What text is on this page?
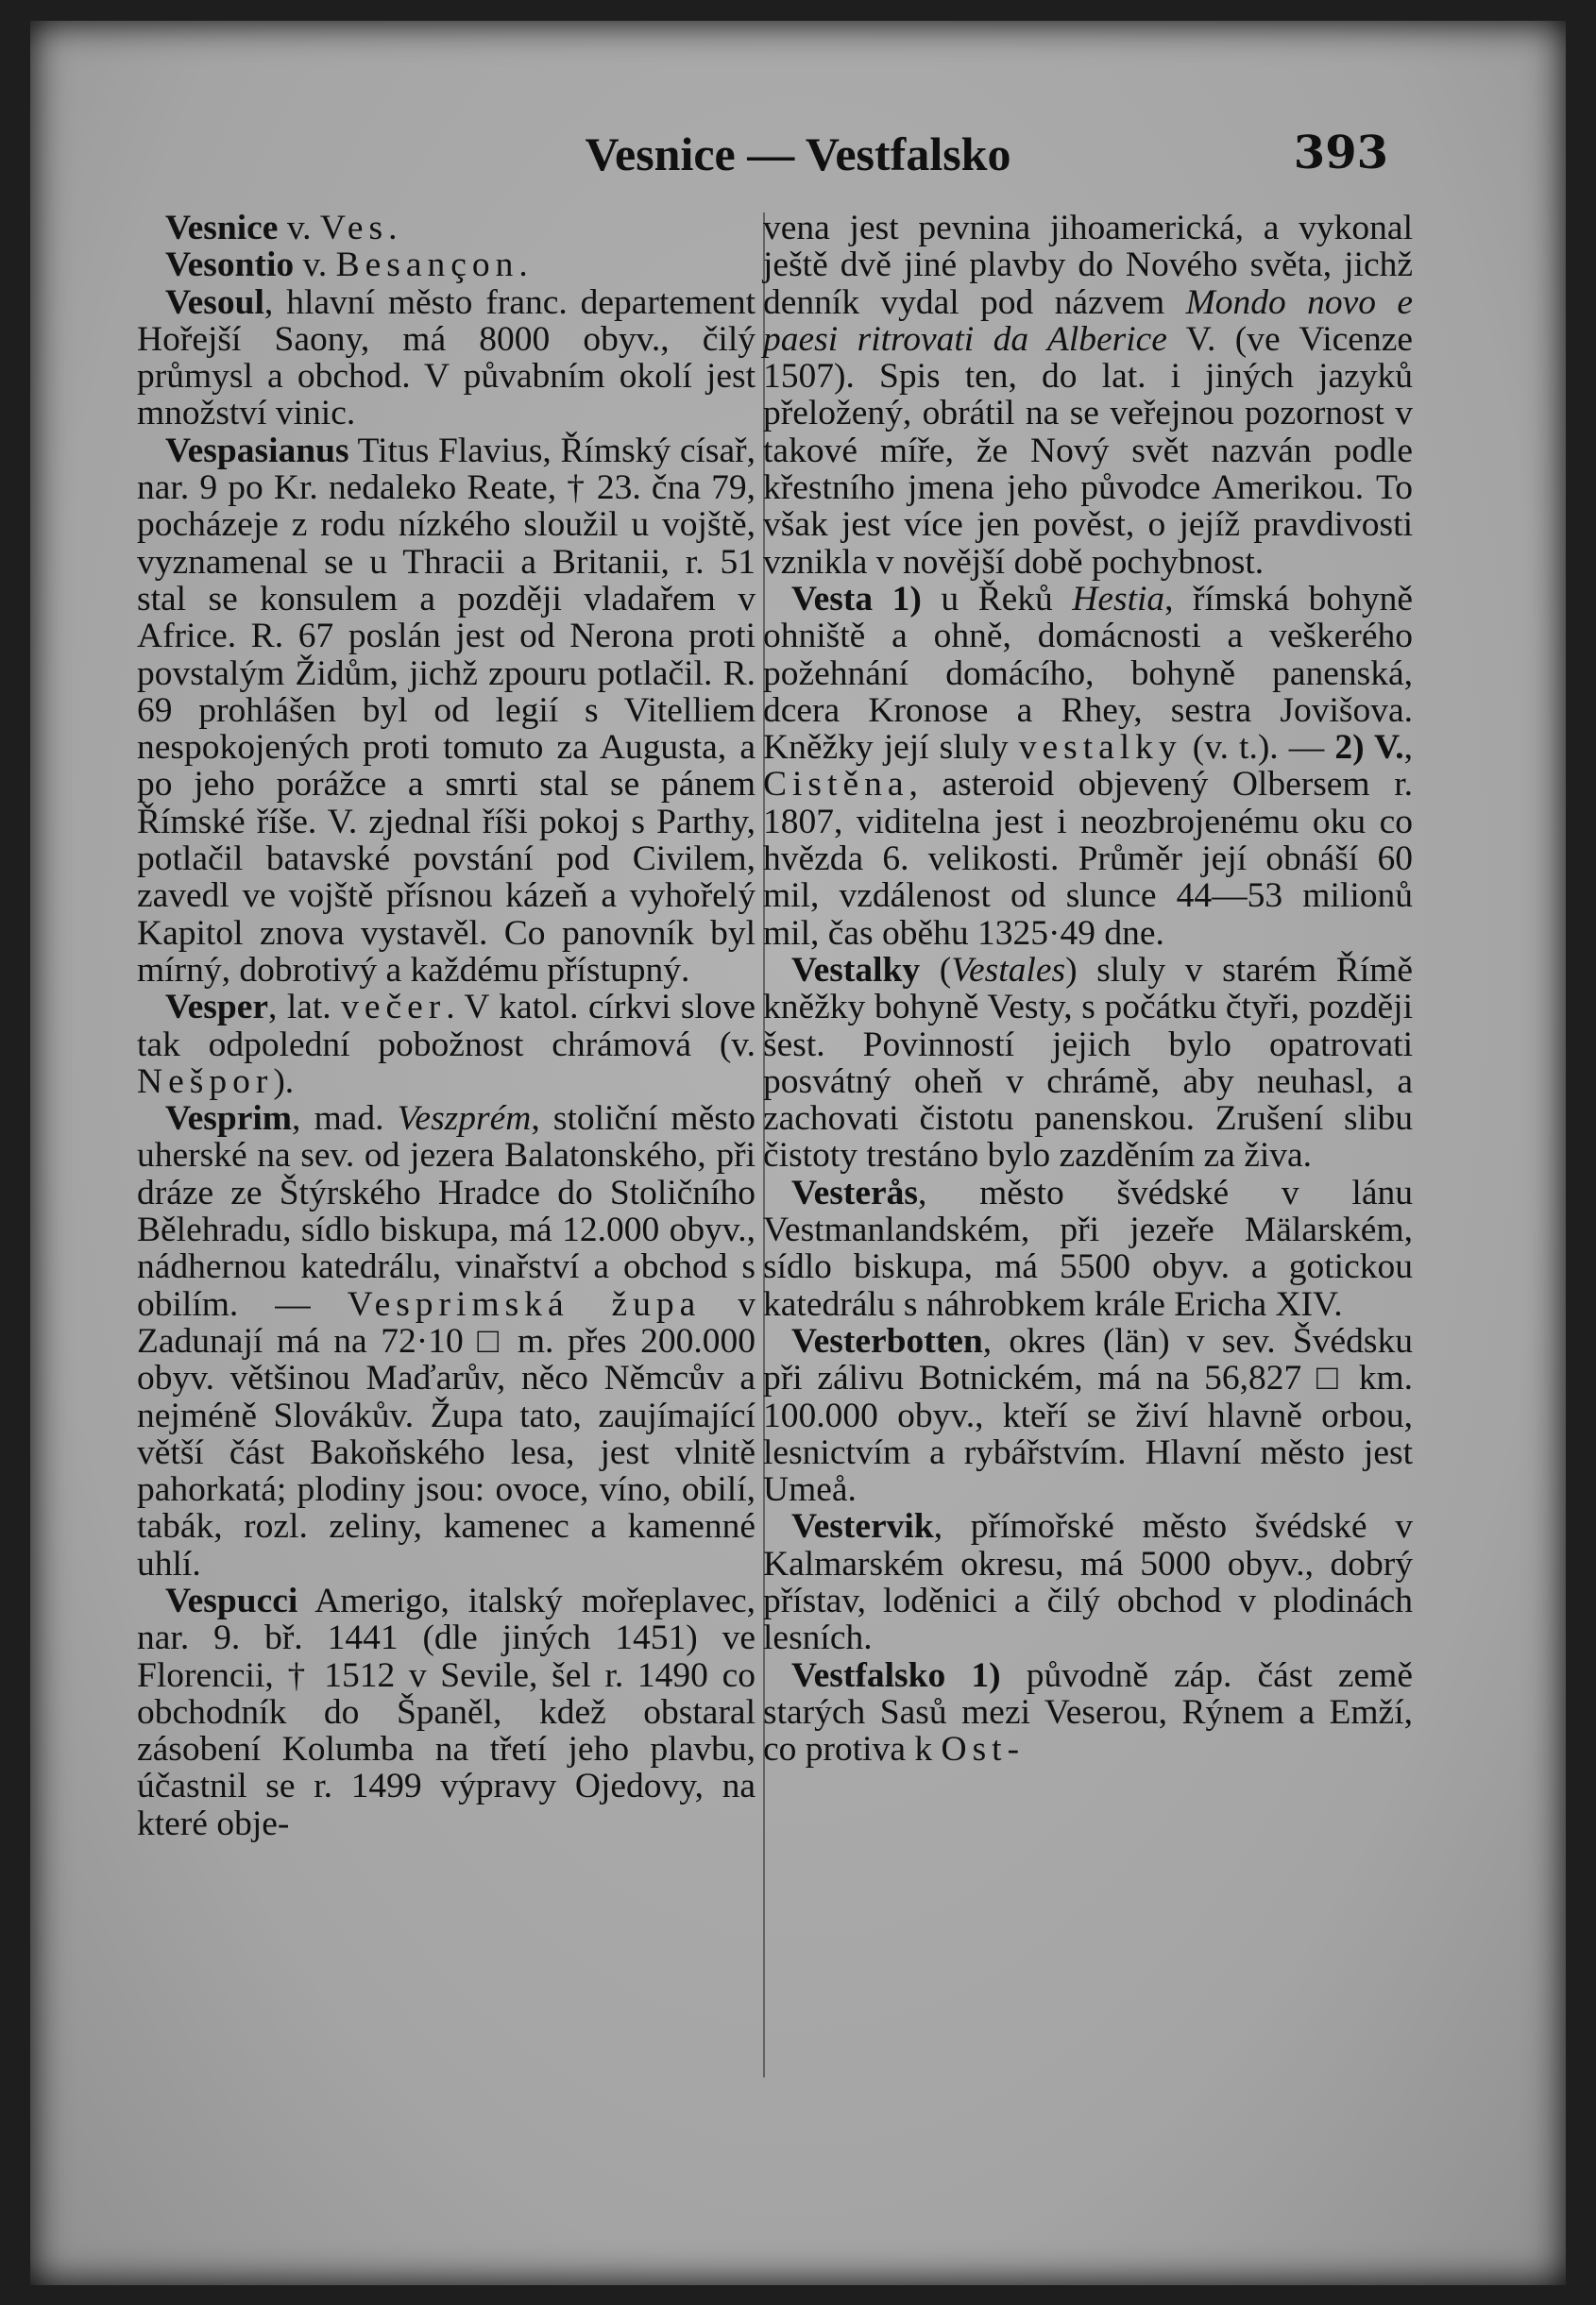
Vesnice — Vestfalsko	393

Vesnice v. Ves.

Vesontio v. Besançon.

Vesoul, hlavní město franc. departement Hořejší Saony, má 8000 obyv., čilý průmysl a obchod. V půvabním okolí jest množství vinic.

Vespasianus Titus Flavius, Římský císař, nar. 9 po Kr. nedaleko Reate, † 23. čna 79, pocházeje z rodu nízkého sloužil u vojště, vyznamenal se u Thracii a Britanii, r. 51 stal se konsulem a později vladařem v Africe. R. 67 poslán jest od Nerona proti povstalým Židům, jichž zpouru potlačil. R. 69 prohlášen byl od legií s Vitelliem nespokojených proti tomuto za Augusta, a po jeho porážce a smrti stal se pánem Římské říše. V. zjednal říši pokoj s Parthy, potlačil batavské povstání pod Civilem, zavedl ve vojště přísnou kázeň a vyhořelý Kapitol znova vystavěl. Co panovník byl mírný, dobrotivý a každému přístupný.

Vesper, lat. večer. V katol. církvi slove tak odpolední pobožnost chrámová (v. Nešpor).

Vesprim, mad. Veszprém, stoliční město uherské na sev. od jezera Balatonského, při dráze ze Štýrského Hradce do Stoličního Bělehradu, sídlo biskupa, má 12.000 obyv., nádhernou katedrálu, vinařství a obchod s obilím. — Vesprimská župa v Zadunají má na 72·10 □ m. přes 200.000 obyv. většinou Maďarův, něco Němcův a nejméně Slovákův. Župa tato, zaujímající větší část Bakoňského lesa, jest vlnitě pahorkatá; plodiny jsou: ovoce, víno, obilí, tabák, rozl. zeliny, kamenec a kamenné uhlí.

Vespucci Amerigo, italský mořeplavec, nar. 9. bř. 1441 (dle jiných 1451) ve Florencii, † 1512 v Sevile, šel r. 1490 co obchodník do Španěl, kdež obstaral zásobení Kolumba na třetí jeho plavbu, účastnil se r. 1499 výpravy Ojedovy, na které obje-

vena jest pevnina jihoamerická, a vykonal ještě dvě jiné plavby do Nového světa, jichž denník vydal pod názvem Mondo novo e paesi ritrovati da Alberice V. (ve Vicenze 1507). Spis ten, do lat. i jiných jazyků přeložený, obrátil na se veřejnou pozornost v takové míře, že Nový svět nazván podle křestního jmena jeho původce Amerikou. To však jest více jen pověst, o jejíž pravdivosti vznikla v novější době pochybnost.

Vesta 1) u Řeků Hestia, římská bohyně ohniště a ohně, domácnosti a veškerého požehnání domácího, bohyně panenská, dcera Kronose a Rhey, sestra Jovišova. Kněžky její sluly vestalky (v. t.). — 2) V., Cistěna, asteroid objevený Olbersem r. 1807, viditelna jest i neozbrojenému oku co hvězda 6. velikosti. Průměr její obnáší 60 mil, vzdálenost od slunce 44—53 milionů mil, čas oběhu 1325·49 dne.

Vestalky (Vestales) sluly v starém Římě kněžky bohyně Vesty, s počátku čtyři, později šest. Povinností jejich bylo opatrovati posvátný oheň v chrámě, aby neuhasl, a zachovati čistotu panenskou. Zrušení slibu čistoty trestáno bylo zazděním za živa.

Vesterås, město švédské v lánu Vestmanlandském, při jezeře Mälarském, sídlo biskupa, má 5500 obyv. a gotickou katedrálu s náhrobkem krále Ericha XIV.

Vesterbotten, okres (län) v sev. Švédsku při zálivu Botnickém, má na 56,827 □ km. 100.000 obyv., kteří se živí hlavně orbou, lesnictvím a rybářstvím. Hlavní město jest Umeå.

Vestervik, přímořské město švédské v Kalmarském okresu, má 5000 obyv., dobrý přístav, loděnici a čilý obchod v plodinách lesních.

Vestfalsko 1) původně záp. část země starých Sasů mezi Veserou, Rýnem a Emží, co protiva k Ost-
